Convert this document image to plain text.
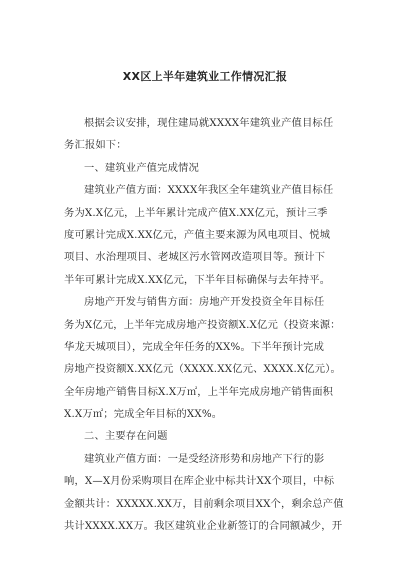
XX区上半年建筑业工作情况汇报
根据会议安排，现住建局就XXXX年建筑业产值目标任
务汇报如下：
一、建筑业产值完成情况
建筑业产值方面：XXXX年我区全年建筑业产值目标任
务为X.X亿元，上半年累计完成产值X.XX亿元，预计三季
度可累计完成X.XX亿元，产值主要来源为风电项目、悦城
项目、水治理项目、老城区污水管网改造项目等。预计下
半年可累计完成X.XX亿元，下半年目标确保与去年持平。
房地产开发与销售方面：房地产开发投资全年目标任
务为X亿元，上半年完成房地产投资额X.X亿元（投资来源：
华龙天城项目），完成全年任务的XX%。下半年预计完成
房地产投资额X.XX亿元（XXXX.XX亿元、XXXX.X亿元）。
全年房地产销售目标X.X万㎡，上半年完成房地产销售面积
X.X万㎡；完成全年目标的XX%。
二、主要存在问题
建筑业产值方面：一是受经济形势和房地产下行的影
响，X—X月份采购项目在库企业中标共计XX个项目，中标
金额共计：XXXXX.XX万，目前剩余项目XX个，剩余总产值
共计XXXX.XX万。我区建筑业企业新签订的合同额减少，开
